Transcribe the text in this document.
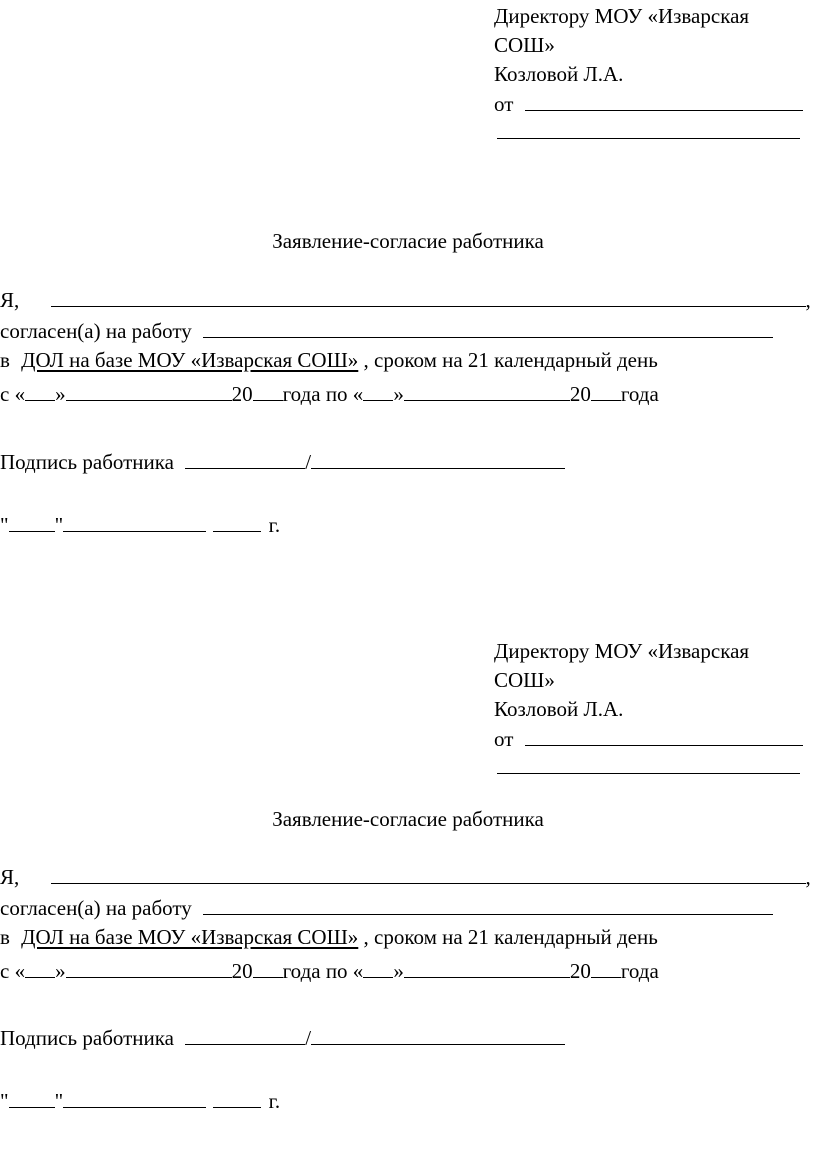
Директору МОУ «Изварская
СОШ»
Козловой Л.А.
от
Заявление-согласие работника
Я,	,
согласен(а) на работу
в ДОЛ на базе МОУ «Изварская СОШ» , сроком на 21 календарный день
с « »	20 года по « »	20 года
Подпись работника	/
" "	г.
Директору МОУ «Изварская
СОШ»
Козловой Л.А.
от
Заявление-согласие работника
Я,	,
согласен(а) на работу
в ДОЛ на базе МОУ «Изварская СОШ» , сроком на 21 календарный день
с « »	20 года по « »	20 года
Подпись работника	/
" "	г.
